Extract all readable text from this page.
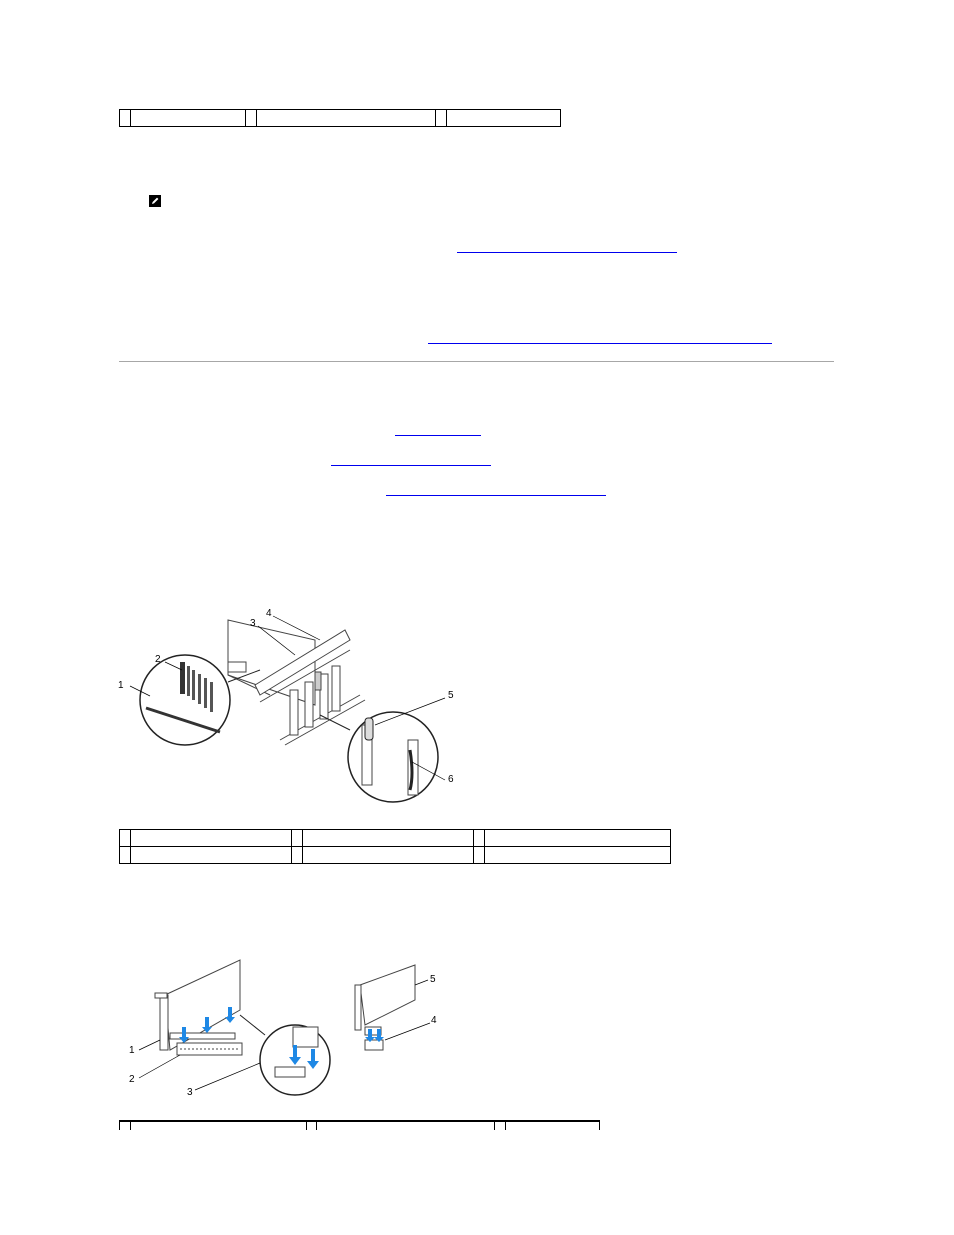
1
2
3
4
5
6

1
2
3
4
5
